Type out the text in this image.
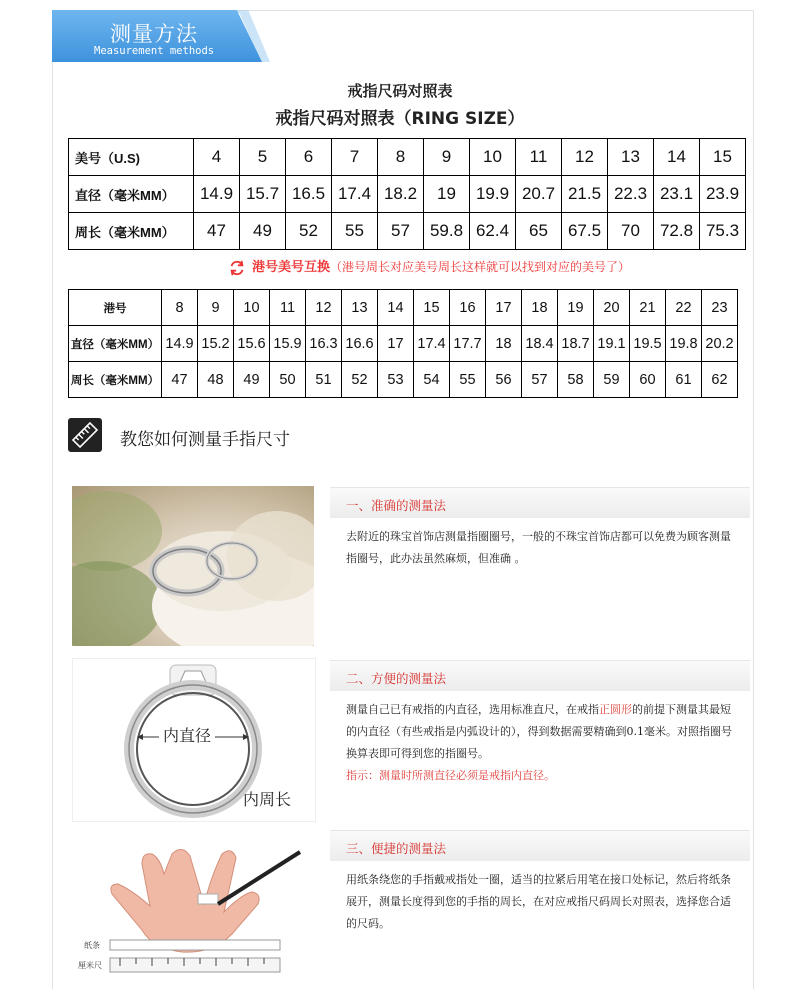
测量方法
Measurement methods
戒指尺码对照表
戒指尺码对照表（RING SIZE）
美号（U.S)	4	5	6	7	8	9	10	11	12	13	14	15
直径（毫米MM）	14.9	15.7	16.5	17.4	18.2	19	19.9	20.7	21.5	22.3	23.1	23.9
周长（毫米MM）	47	49	52	55	57	59.8	62.4	65	67.5	70	72.8	75.3
港号美号互换（港号周长对应美号周长这样就可以找到对应的美号了）
港号	8	9	10	11	12	13	14	15	16	17	18	19	20	21	22	23
直径（毫米MM）	14.9	15.2	15.6	15.9	16.3	16.6	17	17.4	17.7	18	18.4	18.7	19.1	19.5	19.8	20.2
周长（毫米MM）	47	48	49	50	51	52	53	54	55	56	57	58	59	60	61	62
教您如何测量手指尺寸
内直径
内周长
纸条
厘米尺
一、准确的测量法
去附近的珠宝首饰店测量指圈圈号，一般的不珠宝首饰店都可以免费为顾客测量指圈号，此办法虽然麻烦，但准确 。
二、方便的测量法
测量自己已有戒指的内直径，选用标准直尺，在戒指正圆形的前提下测量其最短的内直径（有些戒指是内弧设计的），得到数据需要精确到0.1毫米。对照指圈号换算表即可得到您的指圈号。
指示：测量时所测直径必须是戒指内直径。
三、便捷的测量法
用纸条绕您的手指戴戒指处一圈，适当的拉紧后用笔在接口处标记，然后将纸条展开，测量长度得到您的手指的周长，在对应戒指尺码周长对照表，选择您合适的尺码。
